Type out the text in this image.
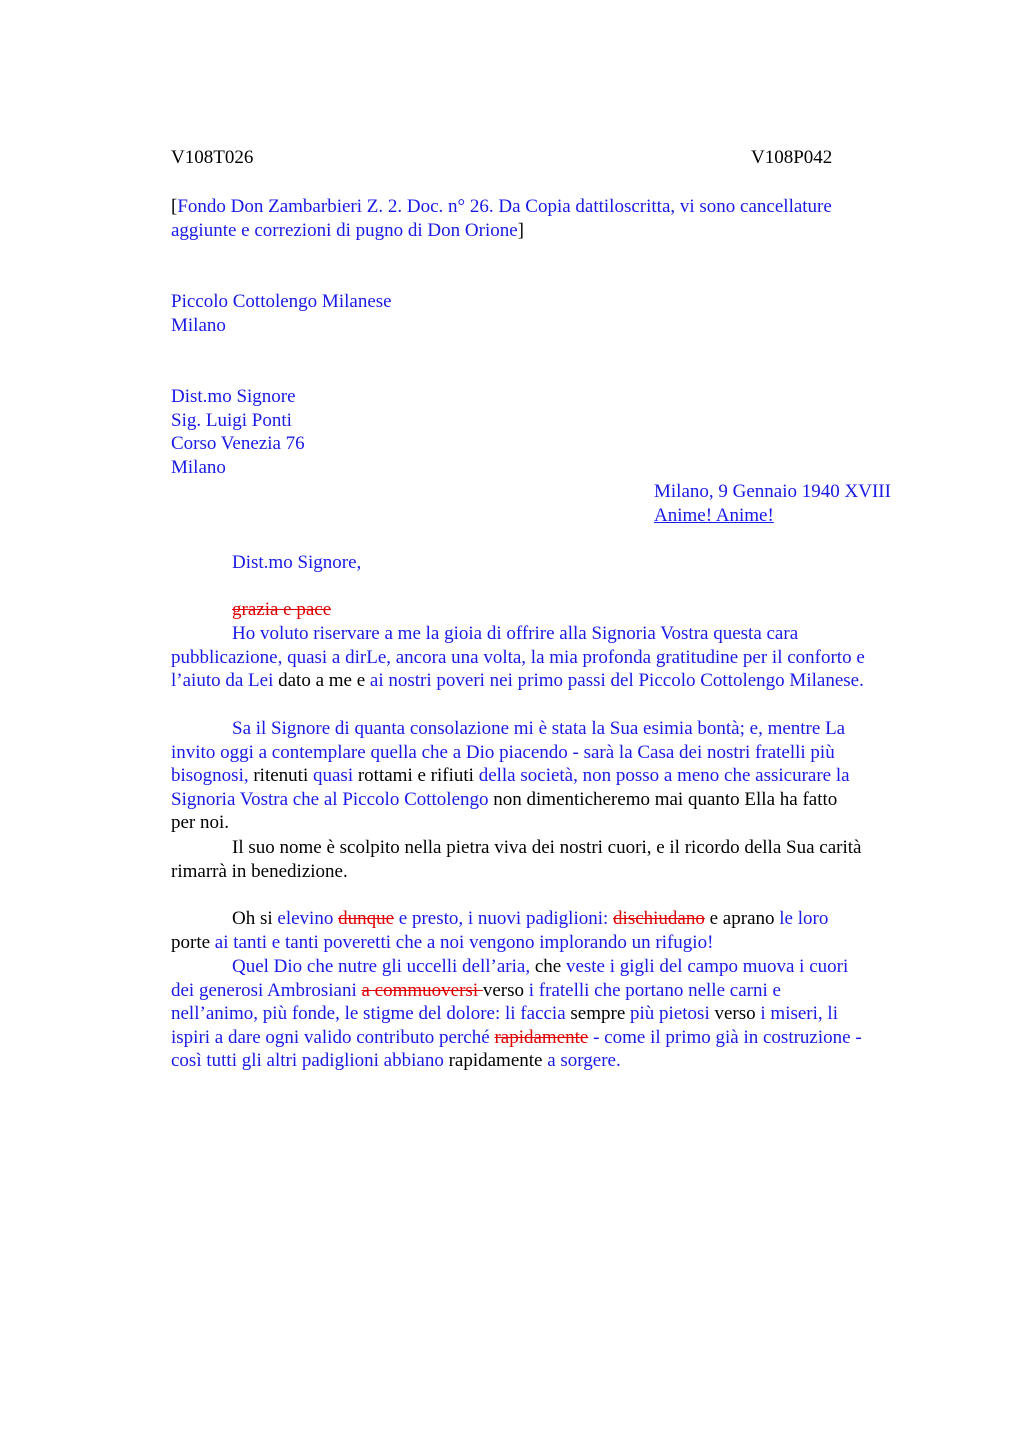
V108T026	V108P042
[Fondo Don Zambarbieri Z. 2. Doc. n° 26. Da Copia dattiloscritta, vi sono cancellature
aggiunte e correzioni di pugno di Don Orione]
Piccolo Cottolengo Milanese
Milano
Dist.mo Signore
Sig. Luigi Ponti
Corso Venezia 76
Milano
Milano, 9 Gennaio 1940 XVIII
Anime! Anime!
Dist.mo Signore,
grazia e pace
Ho voluto riservare a me la gioia di offrire alla Signoria Vostra questa cara
pubblicazione, quasi a dirLe, ancora una volta, la mia profonda gratitudine per il conforto e
l’aiuto da Lei dato a me e ai nostri poveri nei primo passi del Piccolo Cottolengo Milanese.
Sa il Signore di quanta consolazione mi è stata la Sua esimia bontà; e, mentre La
invito oggi a contemplare quella che a Dio piacendo - sarà la Casa dei nostri fratelli più
bisognosi, ritenuti quasi rottami e rifiuti della società, non posso a meno che assicurare la
Signoria Vostra che al Piccolo Cottolengo non dimenticheremo mai quanto Ella ha fatto
per noi.
Il suo nome è scolpito nella pietra viva dei nostri cuori, e il ricordo della Sua carità
rimarrà in benedizione.
Oh si elevino dunque e presto, i nuovi padiglioni: dischiudano e aprano le loro
porte ai tanti e tanti poveretti che a noi vengono implorando un rifugio!
Quel Dio che nutre gli uccelli dell’aria, che veste i gigli del campo muova i cuori
dei generosi Ambrosiani a commuoversi verso i fratelli che portano nelle carni e
nell’animo, più fonde, le stigme del dolore: li faccia sempre più pietosi verso i miseri, li
ispiri a dare ogni valido contributo perché rapidamente - come il primo già in costruzione -
così tutti gli altri padiglioni abbiano rapidamente a sorgere.
